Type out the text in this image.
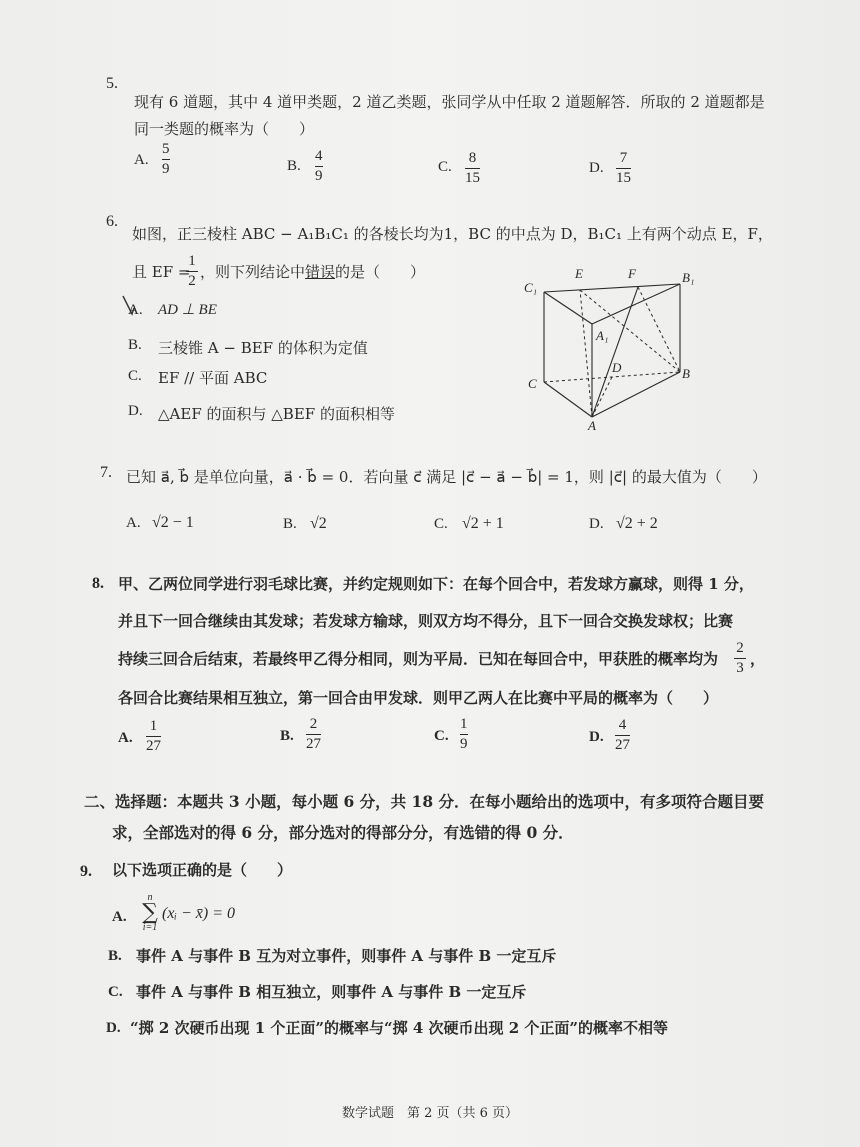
5.
现有 6 道题，其中 4 道甲类题，2 道乙类题，张同学从中任取 2 道题解答．所取的 2 道题都是
同一类题的概率为（　　）
A.
5
9	B.
4
9
C.
8
15
D.
7
15
6.
如图，正三棱柱 ABC − A₁B₁C₁ 的各棱长均为1，BC 的中点为 D，B₁C₁ 上有两个动点 E，F，
且 EF =
1
2 ，则下列结论中错误的是（　　）
A. AD ⊥ BE
B. 三棱锥 A − BEF 的体积为定值
C. EF // 平面 ABC
D. △AEF 的面积与 △BEF 的面积相等
C₁
E	F	B₁
A₁
D
C
B
A
7. 已知 a⃗, b⃗ 是单位向量，a⃗ · b⃗ = 0．若向量 c⃗ 满足 |c⃗ − a⃗ − b⃗| = 1，则 |c⃗| 的最大值为（　　）
A. √2 − 1	B. √2	C. √2 + 1	D. √2 + 2
8. 甲、乙两位同学进行羽毛球比赛，并约定规则如下：在每个回合中，若发球方赢球，则得 1 分，
并且下一回合继续由其发球；若发球方输球，则双方均不得分，且下一回合交换发球权；比赛
持续三回合后结束，若最终甲乙得分相同，则为平局．已知在每回合中，甲获胜的概率均为
2
3 ，
各回合比赛结果相互独立，第一回合由甲发球．则甲乙两人在比赛中平局的概率为（　　）
A.
1
27
B.
2
27	C.
1
9	D.
4
27
二、选择题：本题共 3 小题，每小题 6 分，共 18 分．在每小题给出的选项中，有多项符合题目要
求，全部选对的得 6 分，部分选对的得部分分，有选错的得 0 分．
9. 以下选项正确的是（　　）
A.
n
∑
i=1
(xᵢ − x̄) = 0
B. 事件 A 与事件 B 互为对立事件，则事件 A 与事件 B 一定互斥
C. 事件 A 与事件 B 相互独立，则事件 A 与事件 B 一定互斥
D. “掷 2 次硬币出现 1 个正面”的概率与“掷 4 次硬币出现 2 个正面”的概率不相等
数学试题　第 2 页（共 6 页）
